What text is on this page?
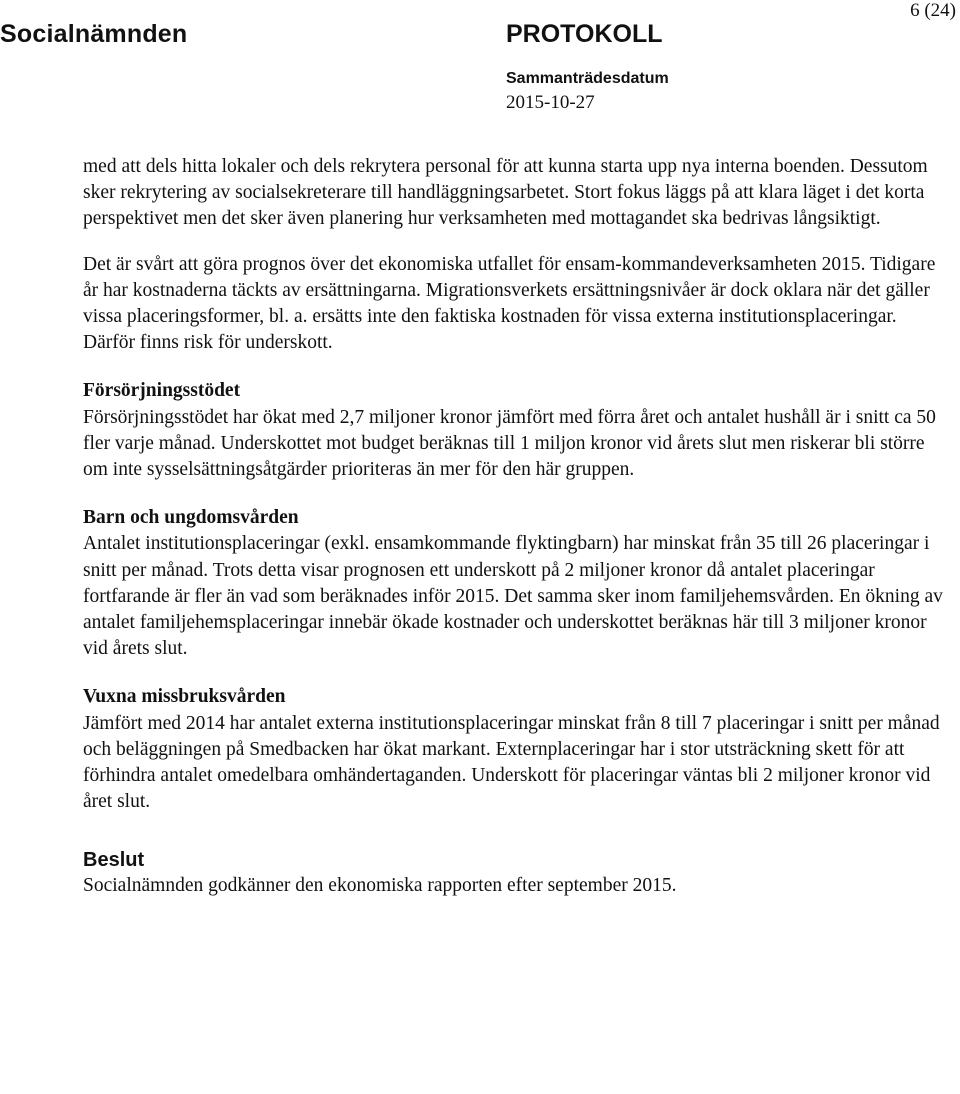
Socialnämnden	PROTOKOLL
Sammanträdesdatum
2015-10-27
6 (24)

med att dels hitta lokaler och dels rekrytera personal för att kunna starta upp nya interna boenden. Dessutom sker rekrytering av socialsekreterare till handläggningsarbetet. Stort fokus läggs på att klara läget i det korta perspektivet men det sker även planering hur verksamheten med mottagandet ska bedrivas långsiktigt.

Det är svårt att göra prognos över det ekonomiska utfallet för ensam-kommandeverksamheten 2015. Tidigare år har kostnaderna täckts av ersättningarna. Migrationsverkets ersättningsnivåer är dock oklara när det gäller vissa placeringsformer, bl. a. ersätts inte den faktiska kostnaden för vissa externa institutionsplaceringar. Därför finns risk för underskott.

Försörjningsstödet

Försörjningsstödet har ökat med 2,7 miljoner kronor jämfört med förra året och antalet hushåll är i snitt ca 50 fler varje månad. Underskottet mot budget beräknas till 1 miljon kronor vid årets slut men riskerar bli större om inte sysselsättningsåtgärder prioriteras än mer för den här gruppen.

Barn och ungdomsvården

Antalet institutionsplaceringar (exkl. ensamkommande flyktingbarn) har minskat från 35 till 26 placeringar i snitt per månad. Trots detta visar prognosen ett underskott på 2 miljoner kronor då antalet placeringar fortfarande är fler än vad som beräknades inför 2015. Det samma sker inom familjehemsvården. En ökning av antalet familjehemsplaceringar innebär ökade kostnader och underskottet beräknas här till 3 miljoner kronor vid årets slut.

Vuxna missbruksvården

Jämfört med 2014 har antalet externa institutionsplaceringar minskat från 8 till 7 placeringar i snitt per månad och beläggningen på Smedbacken har ökat markant. Externplaceringar har i stor utsträckning skett för att förhindra antalet omedelbara omhändertaganden. Underskott för placeringar väntas bli 2 miljoner kronor vid året slut.

Beslut

Socialnämnden godkänner den ekonomiska rapporten efter september 2015.
